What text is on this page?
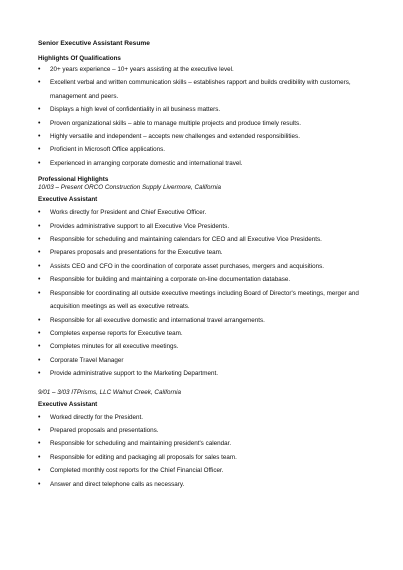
Senior Executive Assistant Resume
Highlights Of Qualifications
• 20+ years experience – 10+ years assisting at the executive level.
• Excellent verbal and written communication skills – establishes rapport and builds credibility with customers, management and peers.
• Displays a high level of confidentiality in all business matters.
• Proven organizational skills – able to manage multiple projects and produce timely results.
• Highly versatile and independent – accepts new challenges and extended responsibilities.
• Proficient in Microsoft Office applications.
• Experienced in arranging corporate domestic and international travel.
Professional Highlights
10/03 – Present ORCO Construction Supply Livermore, California
Executive Assistant
• Works directly for President and Chief Executive Officer.
• Provides administrative support to all Executive Vice Presidents.
• Responsible for scheduling and maintaining calendars for CEO and all Executive Vice Presidents.
• Prepares proposals and presentations for the Executive team.
• Assists CEO and CFO in the coordination of corporate asset purchases, mergers and acquisitions.
• Responsible for building and maintaining a corporate on-line documentation database.
• Responsible for coordinating all outside executive meetings including Board of Director's meetings, merger and acquisition meetings as well as executive retreats.
• Responsible for all executive domestic and international travel arrangements.
• Completes expense reports for Executive team.
• Completes minutes for all executive meetings.
• Corporate Travel Manager
• Provide administrative support to the Marketing Department.
9/01 – 3/03 ITPrisms, LLC Walnut Creek, California
Executive Assistant
• Worked directly for the President.
• Prepared proposals and presentations.
• Responsible for scheduling and maintaining president's calendar.
• Responsible for editing and packaging all proposals for sales team.
• Completed monthly cost reports for the Chief Financial Officer.
• Answer and direct telephone calls as necessary.
